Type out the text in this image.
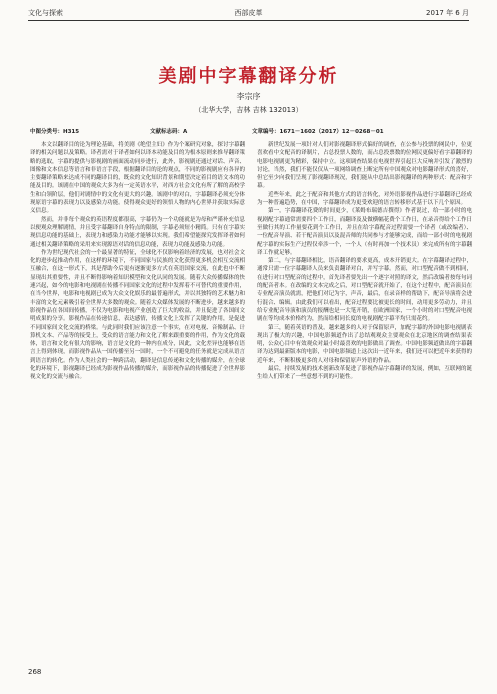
文化与探索	西部皮革	2017 年 6 月
美剧中字幕翻译分析
李宗序
（北华大学，吉林 吉林 132013）
中图分类号：H315	文献标志码：A	文章编号：1671－1602（2017）12－0268－01

本文以翻译目的论为理论基础，将美剧《绝望主妇》作为个案研究对象，探讨字幕翻译的相关问题以及策略。译者需对于译者如何以译本功能及目的为根本原则来推导翻译策略的选取，字幕的提供与影视剧的画面流动同步进行，此外，影视剧还通过对话、声音、图像和文本信息等语言和非语言手段，根据翻译目的论的观点，不同的影视剧应有各异的主要翻译策略来达成不同的翻译目的，既众的文化知识背景和期望决定着目的语文本的功能及目的。该剧在中国的观众大多为有一定英语水平，对西方社会文化有所了解的高校学生和白领阶层，他们对剧情中的文化有更大的兴趣。该剧中的对白，字幕翻译必须充分体现原语字幕的表现力以及感染力功能。使得观众更好的领悟人物的内心世界并获取实际意义信息。

然而，并非每个观众的英语程度都很高，字幕仍为一个功能就是为母和严谨补充信息以便观众理解剧情，并且受字幕翻译自身特点的限制，字幕必须短小精简。只有在字幕实现信息功能的基础上，表现力和感染力功能才能够以实现。我们希望能探究发挥译者如何通过相关翻译策略的采用来实现源语对话的信息功能，表现力功能及感染力功能。

作为世纪现代社会的一个最显著的特征，全球化不仅影响着经济的发展，也对社会文化的进步起推动作用，在这样的环境下，不同国家与民族的文化获得更多机会相互交流相互融合，在这一形式下，其是帮助今后更有逐渐更多方式在英语国家交流，在此也中不断显现出其重要性，并且不断得影响着知识模型和文化认同的发展。随着大众传播媒体的快速兴起，如今的电影和电视剧在传播不同国家文化的过程中发挥着不可替代的重要作用，在当今世界，电影和电视剧已成为大众文化娱乐的最普遍形式，并以其独特的艺术魅力和丰富的文化元素吸引着全世界大多数的观众。随着大众媒体发展的不断进步，越来越多的影视作品在各国间传播，不仅为电影和电视产业创造了巨大的收益，并且促进了各国间文明成果的分享。影视作品在传递信息，表达感情，传播文化上发挥了关键的作用，是促进不同国家间文化交流的桥梁。与此同时我们应该注意一个事实，在对电视、音像制品、计算机文本、产品等的接受上，受众的语言能力和文化了解来跟重要的作用，作为文化的载体，语言和文化有很大的影响，语言是文化的一种内在成分，因此，文化差异也能够在语言上得到体现，而影视作品从一国传播至另一国时，一个不可避免的任务就是完成从语言到语言的转化。作为人类社会的一种跨活动，翻译是信息传递和文化传播的媒介，在全球化的环境下，影视翻译已经成为影视作品传播的媒介，而影视作品的传播促进了全世界影视文化的交流与融合。

新世纪发展一项针对人们对影视翻译形式偏好的调查，在公参与投票的网民中，位更喜欢看中文配音的译制片，占总投票人数的，而占总投票数的位网民更偏好看字幕翻译的电影电视剧更为精彩，保持中立。这项调查结果在电视世界引起巨大反响并引发了激烈的讨论，当然，我们不能仅仅从一项网络调查上断定所有中国观众对电影翻译形式的喜好，但它至少向我们呈现了影视翻译现况，我们能从中总结出影视翻译的两种形式：配音和字幕。

近些年来，此之于配音和其他方式的语言转化，对外语影视作品进行字幕翻译已经成为一种普遍趋势，在中国，字幕翻译成为更受欢迎的语言转移形式基于以下几个原因。

第一，字幕翻译花费的时间更少，《莱姆布瑞德吉撰得》作者说过，给一部小时的电视剧配字幕通常需要四个工作日，而翻译及及做横幅花费个工作日，在录音得给个工作日至做行其的工作量要花到个工作日，并且在给字幕配音过程需要一个译者（或改编者）、一位配音导演、若干配音演员以及混音师的共同参与才能够完成，而给一部小时的电视剧配字幕的实际生产过程仅牵涉一个，一个人（有时再加一个技术员）来完成所有的字幕翻译工作就足够。

第二，与字幕翻译相比，语音翻译的要求更高，成本开销更大。在字幕翻译过程中，通常只需一位字幕翻译人员来负责翻译对白，并写字幕。然而，对口型配音做不到相同，在进行对口型配音的过程中，首先译者要先出一个逐字对照的译文，然后改编者按每句词的配音者本。在改编的文本完成之后，对口型配音就开始了，在这个过程中，配音演员在专业配音演员就需，把他们对记为字，声音，最后，在录音样的帮助下，配音导演将会进行混合、编辑。由此我们可以看出，配音过程要比被更长的时间，动用更多劳动力，并且给专业配音导演和演员的报酬也是一大笔开销，在欧洲国家，一个小时的对口型配音电视剧在等均成本价格约为，然而给相同长度的电视剧配字幕平均只需花约。

第三，随着英语的普及，越来越多的人对于保留原声，加配字幕的外国电影电视剧表现出了极大的兴趣，中国电影频道作出了总结观观众主要观众在北京地区的调查结果表明，公众心目中有效观众对最小时最喜欢的电影做出了调查。中国电影频道做出的字幕翻译为达到最新版本的电影，中国电影频道上这次出一近年来，我们还可以把近年来获得的近年来，不断积极更多的人对母和保留原声外语的作品。

最后，持续发展的技术创新改革促进了影视作品字幕翻译的发展，例如，互联网的诞生给人们带来了一些意想不到的可能性。

268
